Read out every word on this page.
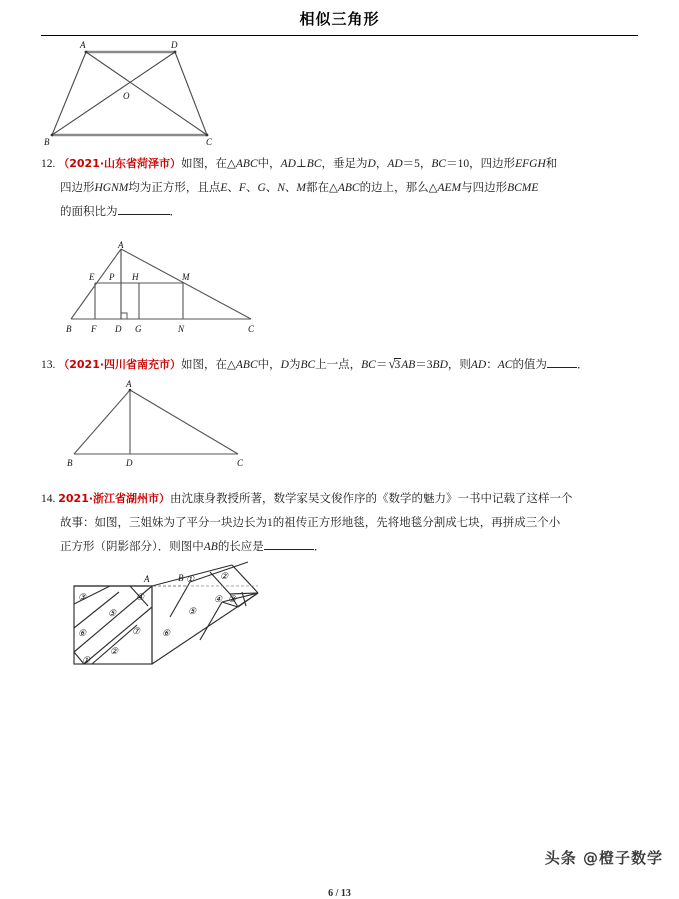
相似三角形
A	D
B	C
O
12. （2021·山东省菏泽市）如图，在△ABC中，AD⊥BC，垂足为D，AD＝5，BC＝10，四边形EFGH和
四边形HGNM均为正方形，且点E、F、G、N、M都在△ABC的边上，那么△AEM与四边形BCME
的面积比为	．
A
B	C
E
F D G
H
N
M
P
13. （2021·四川省南充市）如图，在△ABC中，D为BC上一点，BC＝√3AB＝3BD，则AD：AC的值为	．
A
B	C
D
14. 2021·浙江省湖州市）由沈康身教授所著，数学家吴文俊作序的《数学的魅力》一书中记载了这样一个
故事：如图，三姐妹为了平分一块边长为1的祖传正方形地毯，先将地毯分割成七块，再拼成三个小
正方形（阴影部分）．则图中AB的长应是	．
③
⑥
①
②
⑤
④
⑦ ⑥
⑤
①	②
④ ③
A	B
头条 @橙子数学
6 / 13
